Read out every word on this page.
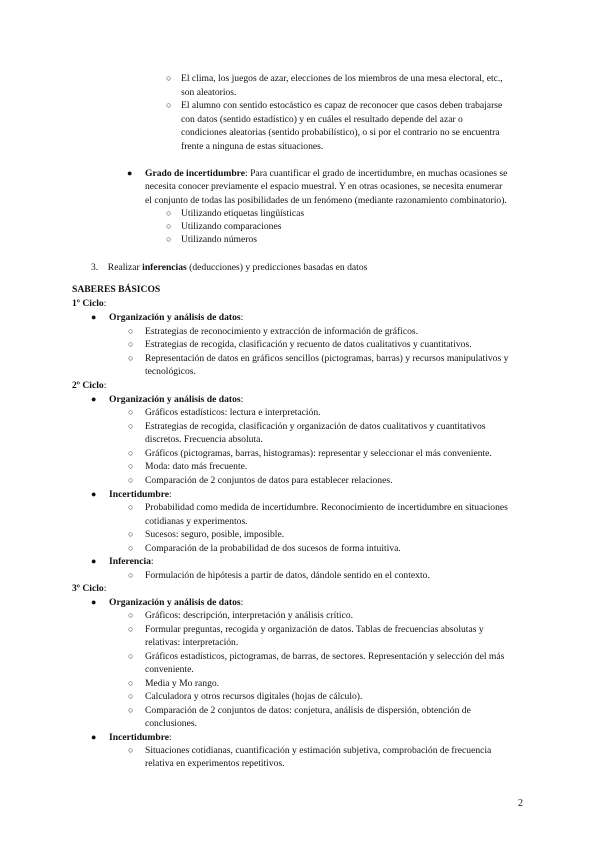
○ El clima, los juegos de azar, elecciones de los miembros de una mesa electoral, etc.,
son aleatorios.
○ El alumno con sentido estocástico es capaz de reconocer que casos deben trabajarse
con datos (sentido estadístico) y en cuáles el resultado depende del azar o
condiciones aleatorias (sentido probabilístico), o si por el contrario no se encuentra
frente a ninguna de estas situaciones.
● Grado de incertidumbre: Para cuantificar el grado de incertidumbre, en muchas ocasiones se
necesita conocer previamente el espacio muestral. Y en otras ocasiones, se necesita enumerar
el conjunto de todas las posibilidades de un fenómeno (mediante razonamiento combinatorio).
○ Utilizando etiquetas lingüísticas
○ Utilizando comparaciones
○ Utilizando números
3. Realizar inferencias (deducciones) y predicciones basadas en datos
SABERES BÁSICOS
1º Ciclo:
● Organización y análisis de datos:
○ Estrategias de reconocimiento y extracción de información de gráficos.
○ Estrategias de recogida, clasificación y recuento de datos cualitativos y cuantitativos.
○ Representación de datos en gráficos sencillos (pictogramas, barras) y recursos manipulativos y
tecnológicos.
2º Ciclo:
● Organización y análisis de datos:
○ Gráficos estadísticos: lectura e interpretación.
○ Estrategias de recogida, clasificación y organización de datos cualitativos y cuantitativos
discretos. Frecuencia absoluta.
○ Gráficos (pictogramas, barras, histogramas): representar y seleccionar el más conveniente.
○ Moda: dato más frecuente.
○ Comparación de 2 conjuntos de datos para establecer relaciones.
● Incertidumbre:
○ Probabilidad como medida de incertidumbre. Reconocimiento de incertidumbre en situaciones
cotidianas y experimentos.
○ Sucesos: seguro, posible, imposible.
○ Comparación de la probabilidad de dos sucesos de forma intuitiva.
● Inferencia:
○ Formulación de hipótesis a partir de datos, dándole sentido en el contexto.
3º Ciclo:
● Organización y análisis de datos:
○ Gráficos: descripción, interpretación y análisis crítico.
○ Formular preguntas, recogida y organización de datos. Tablas de frecuencias absolutas y
relativas: interpretación.
○ Gráficos estadísticos, pictogramas, de barras, de sectores. Representación y selección del más
conveniente.
○ Media y Mo rango.
○ Calculadora y otros recursos digitales (hojas de cálculo).
○ Comparación de 2 conjuntos de datos: conjetura, análisis de dispersión, obtención de
conclusiones.
● Incertidumbre:
○ Situaciones cotidianas, cuantificación y estimación subjetiva, comprobación de frecuencia
relativa en experimentos repetitivos.
2
